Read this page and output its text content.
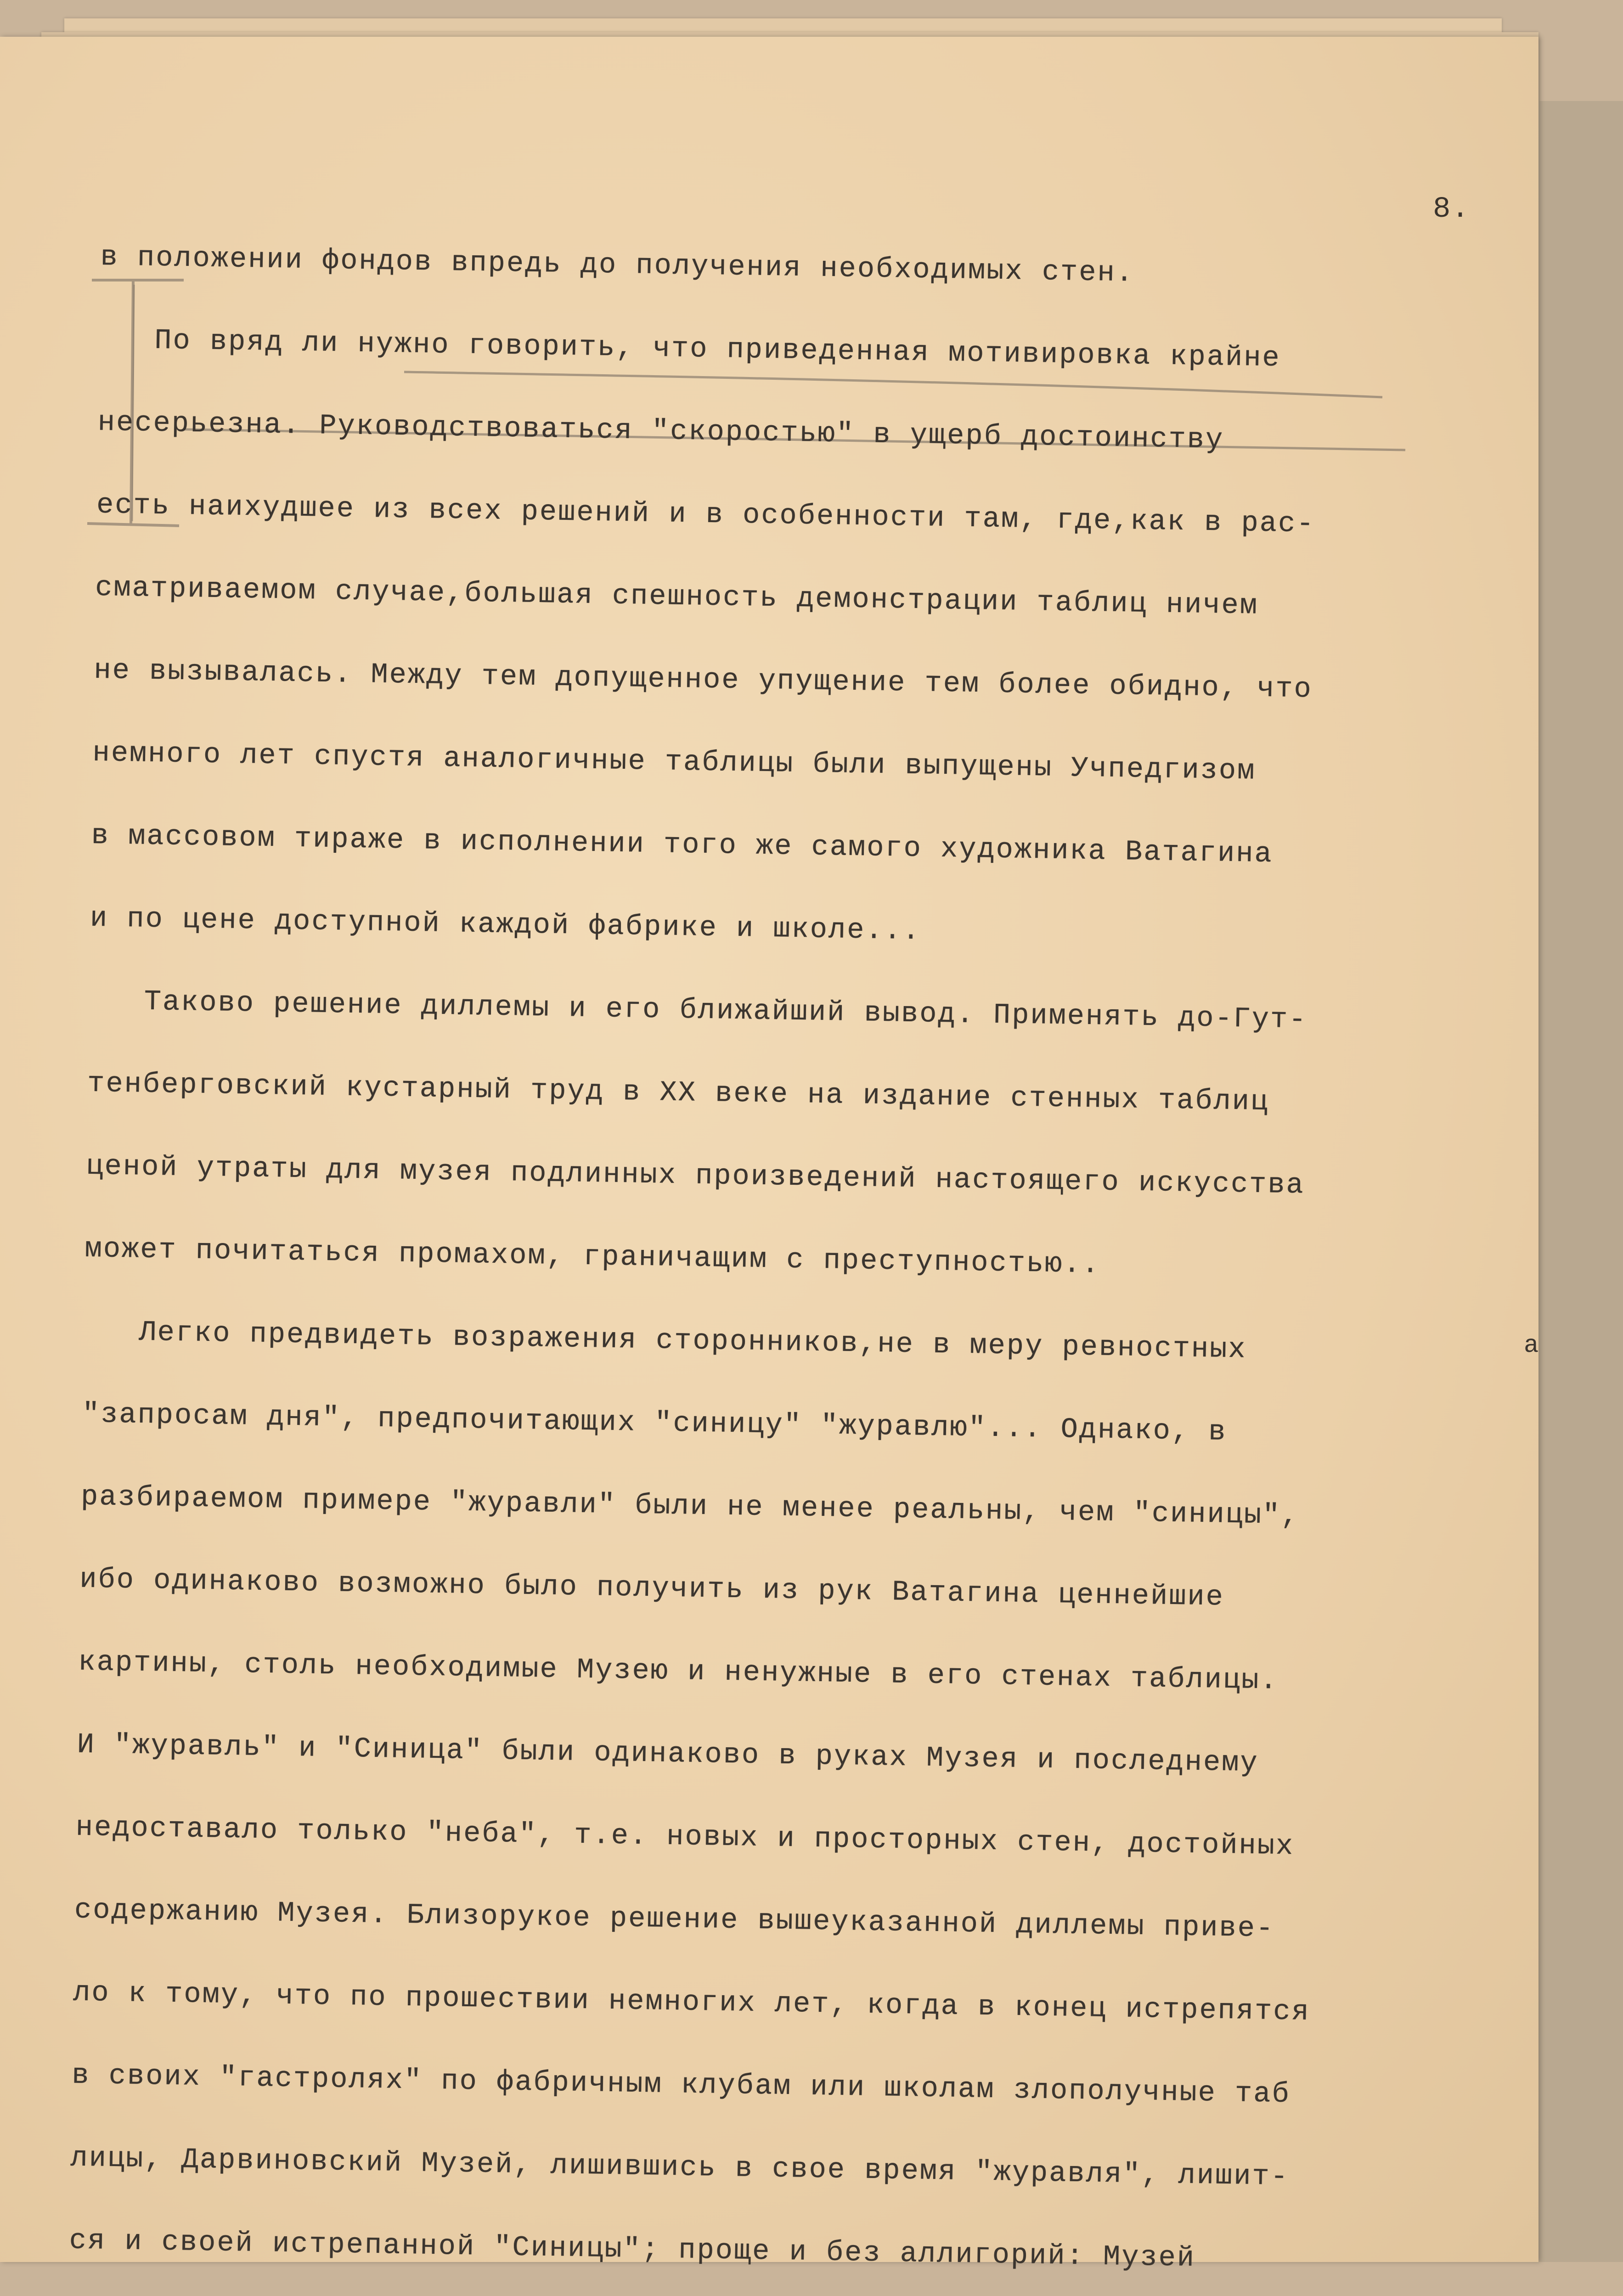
8.
в положении фондов впредь до получения необходимых стен.
По вряд ли нужно говорить, что приведенная мотивировка крайне
несерьезна. Руководствоваться "скоростью" в ущерб достоинству
есть наихудшее из всех решений и в особенности там, где,как в рас-
сматриваемом случае,большая спешность демонстрации таблиц ничем
не вызывалась. Между тем допущенное упущение тем более обидно, что
немного лет спустя аналогичные таблицы были выпущены Учпедгизом
в массовом тираже в исполнении того же самого художника Ватагина
и по цене доступной каждой фабрике и школе...
Таково решение диллемы и его ближайший вывод. Применять до-Гут-
тенберговский кустарный труд в XX веке на издание стенных таблиц
ценой утраты для музея подлинных произведений настоящего искусства
может почитаться промахом, граничащим с преступностью..
Легко предвидеть возражения сторонников,не в меру ревностных
"запросам дня", предпочитающих "синицу" "журавлю"... Однако, в
разбираемом примере "журавли" были не менее реальны, чем "синицы",
ибо одинаково возможно было получить из рук Ватагина ценнейшие
картины, столь необходимые Музею и ненужные в его стенах таблицы.
И "журавль" и "Синица" были одинаково в руках Музея и последнему
недоставало только "неба", т.е. новых и просторных стен, достойных
содержанию Музея. Близорукое решение вышеуказанной диллемы приве-
ло к тому, что по прошествии немногих лет, когда в конец истрепятся
в своих "гастролях" по фабричным клубам или школам злополучные таб
лицы, Дарвиновский Музей, лишившись в свое время "журавля", лишит-
ся и своей истрепанной "Синицы"; проще и без аллигорий: Музей
а
